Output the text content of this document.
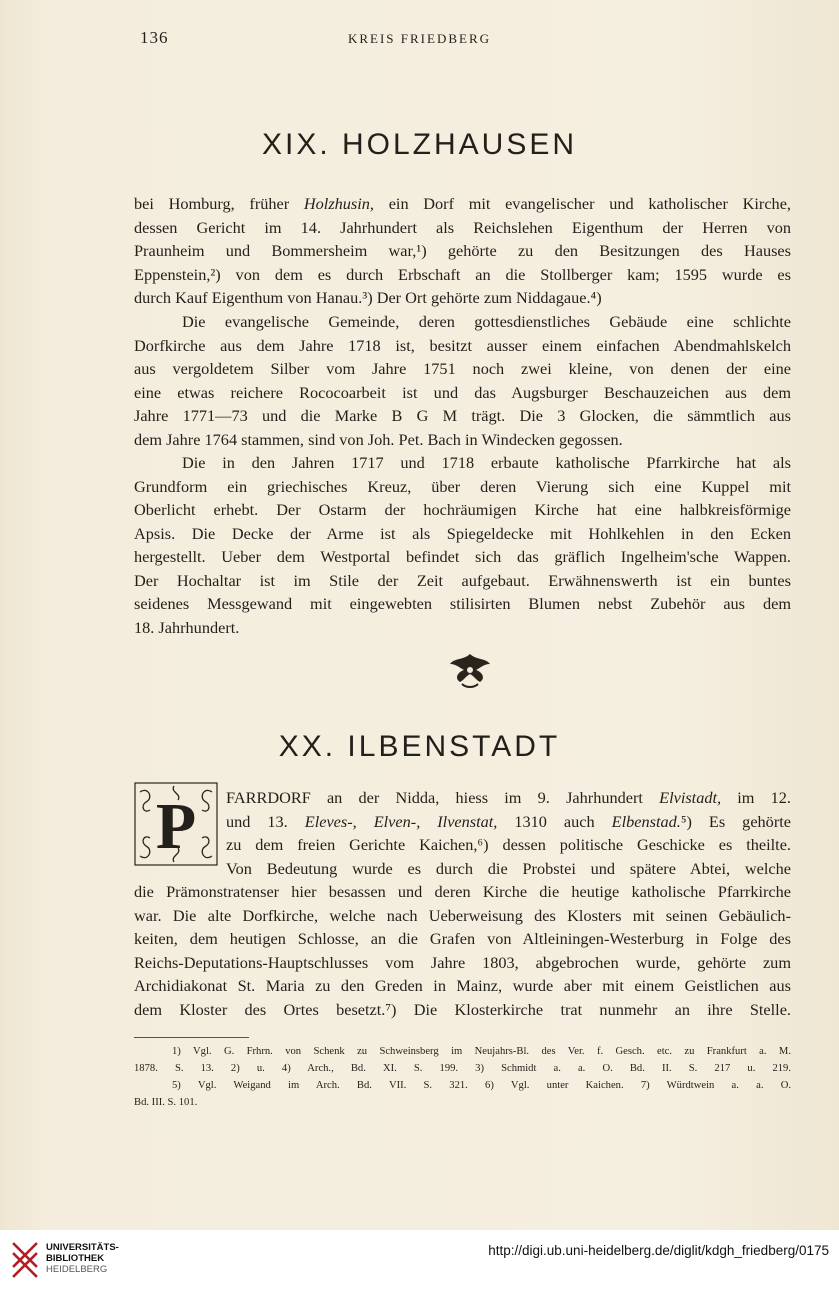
136	KREIS FRIEDBERG
XIX. HOLZHAUSEN

bei Homburg, früher Holzhusin, ein Dorf mit evangelischer und katholischer Kirche,
dessen Gericht im 14. Jahrhundert als Reichslehen Eigenthum der Herren von
Praunheim und Bommersheim war,¹) gehörte zu den Besitzungen des Hauses
Eppenstein,²) von dem es durch Erbschaft an die Stollberger kam; 1595 wurde es
durch Kauf Eigenthum von Hanau.³) Der Ort gehörte zum Niddagaue.⁴)

Die evangelische Gemeinde, deren gottesdienstliches Gebäude eine schlichte
Dorfkirche aus dem Jahre 1718 ist, besitzt ausser einem einfachen Abendmahlskelch
aus vergoldetem Silber vom Jahre 1751 noch zwei kleine, von denen der eine
eine etwas reichere Rococoarbeit ist und das Augsburger Beschauzeichen aus dem
Jahre 1771—73 und die Marke B G M trägt. Die 3 Glocken, die sämmtlich aus
dem Jahre 1764 stammen, sind von Joh. Pet. Bach in Windecken gegossen.

Die in den Jahren 1717 und 1718 erbaute katholische Pfarrkirche hat als
Grundform ein griechisches Kreuz, über deren Vierung sich eine Kuppel mit
Oberlicht erhebt. Der Ostarm der hochräumigen Kirche hat eine halbkreisförmige
Apsis. Die Decke der Arme ist als Spiegeldecke mit Hohlkehlen in den Ecken
hergestellt. Ueber dem Westportal befindet sich das gräflich Ingelheim'sche Wappen.
Der Hochaltar ist im Stile der Zeit aufgebaut. Erwähnenswerth ist ein buntes
seidenes Messgewand mit eingewebten stilisirten Blumen nebst Zubehör aus dem
18. Jahrhundert.

XX. ILBENSTADT
P FARRDORF an der Nidda, hiess im 9. Jahrhundert Elvistadt, im 12.
und 13. Eleves-, Elven-, Ilvenstat, 1310 auch Elbenstad.⁵) Es gehörte
zu dem freien Gerichte Kaichen,⁶) dessen politische Geschicke es theilte.
Von Bedeutung wurde es durch die Probstei und spätere Abtei, welche
die Prämonstratenser hier besassen und deren Kirche die heutige katholische Pfarrkirche
war. Die alte Dorfkirche, welche nach Ueberweisung des Klosters mit seinen Gebäulich-
keiten, dem heutigen Schlosse, an die Grafen von Altleiningen-Westerburg in Folge des
Reichs-Deputations-Hauptschlusses vom Jahre 1803, abgebrochen wurde, gehörte zum
Archidiakonat St. Maria zu den Greden in Mainz, wurde aber mit einem Geistlichen aus
dem Kloster des Ortes besetzt.⁷) Die Klosterkirche trat nunmehr an ihre Stelle.

1) Vgl. G. Frhrn. von Schenk zu Schweinsberg im Neujahrs-Bl. des Ver. f. Gesch. etc. zu Frankfurt a. M.
1878. S. 13. 2) u. 4) Arch., Bd. XI. S. 199. 3) Schmidt a. a. O. Bd. II. S. 217 u. 219.
5) Vgl. Weigand im Arch. Bd. VII. S. 321. 6) Vgl. unter Kaichen. 7) Würdtwein a. a. O.
Bd. III. S. 101.

UNIVERSITÄTS-
BIBLIOTHEK
HEIDELBERG
http://digi.ub.uni-heidelberg.de/diglit/kdgh_friedberg/0175
